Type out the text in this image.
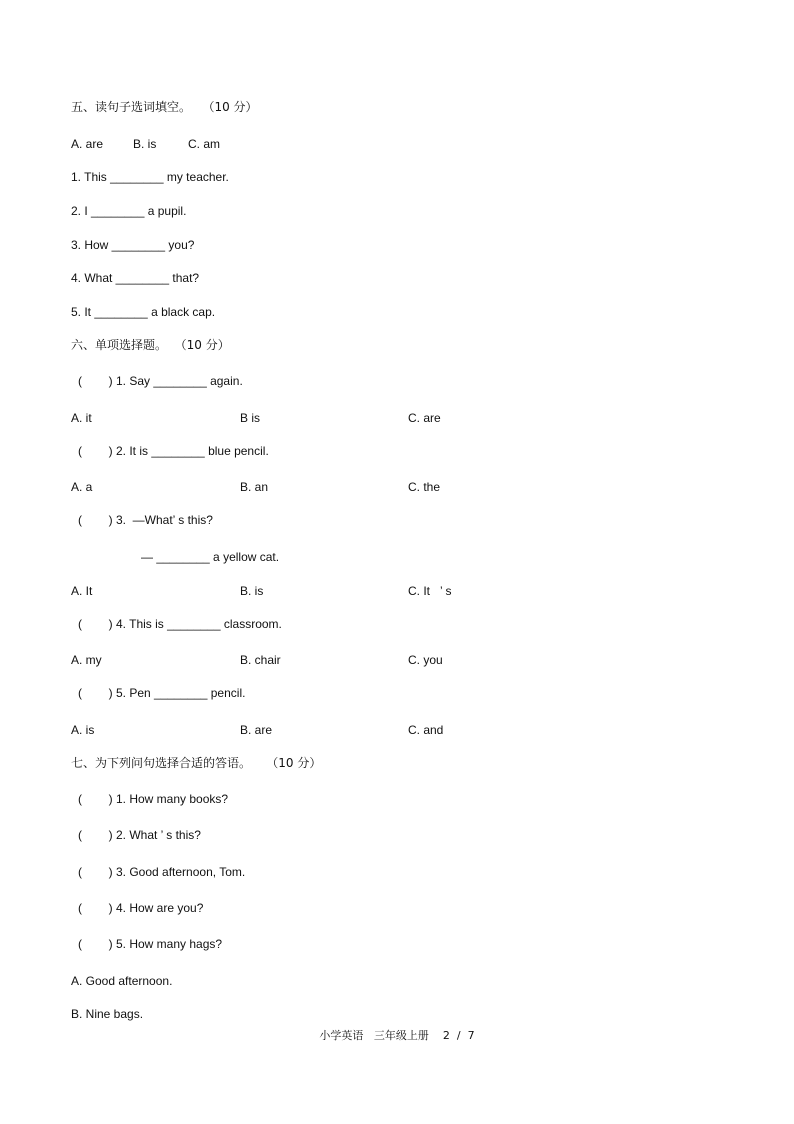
五、读句子选词填空。   （10 分）
A. are B. is	C. am
1. This ________ my teacher.
2. I ________ a pupil.
3. How ________ you?
4. What ________ that?
5. It ________ a black cap.
六、单项选择题。  （10 分）
(        ) 1. Say ________ again.
A. it	B is	C. are
(        ) 2. It is ________ blue pencil.
A. a	B. an	C. the
(        ) 3.  —What’ s this?
— ________ a yellow cat.
A. It	B. is	C. It   ’ s
(        ) 4. This is ________ classroom.
A. my	B. chair	C. you
(        ) 5. Pen ________ pencil.
A. is	B. are	C. and
七、为下列问句选择合适的答语。    （10 分）
(        ) 1. How many books?
(        ) 2. What ’ s this?
(        ) 3. Good afternoon, Tom.
(        ) 4. How are you?
(        ) 5. How many hags?
A. Good afternoon.
B. Nine bags.
小学英语   三年级上册    2  /  7
